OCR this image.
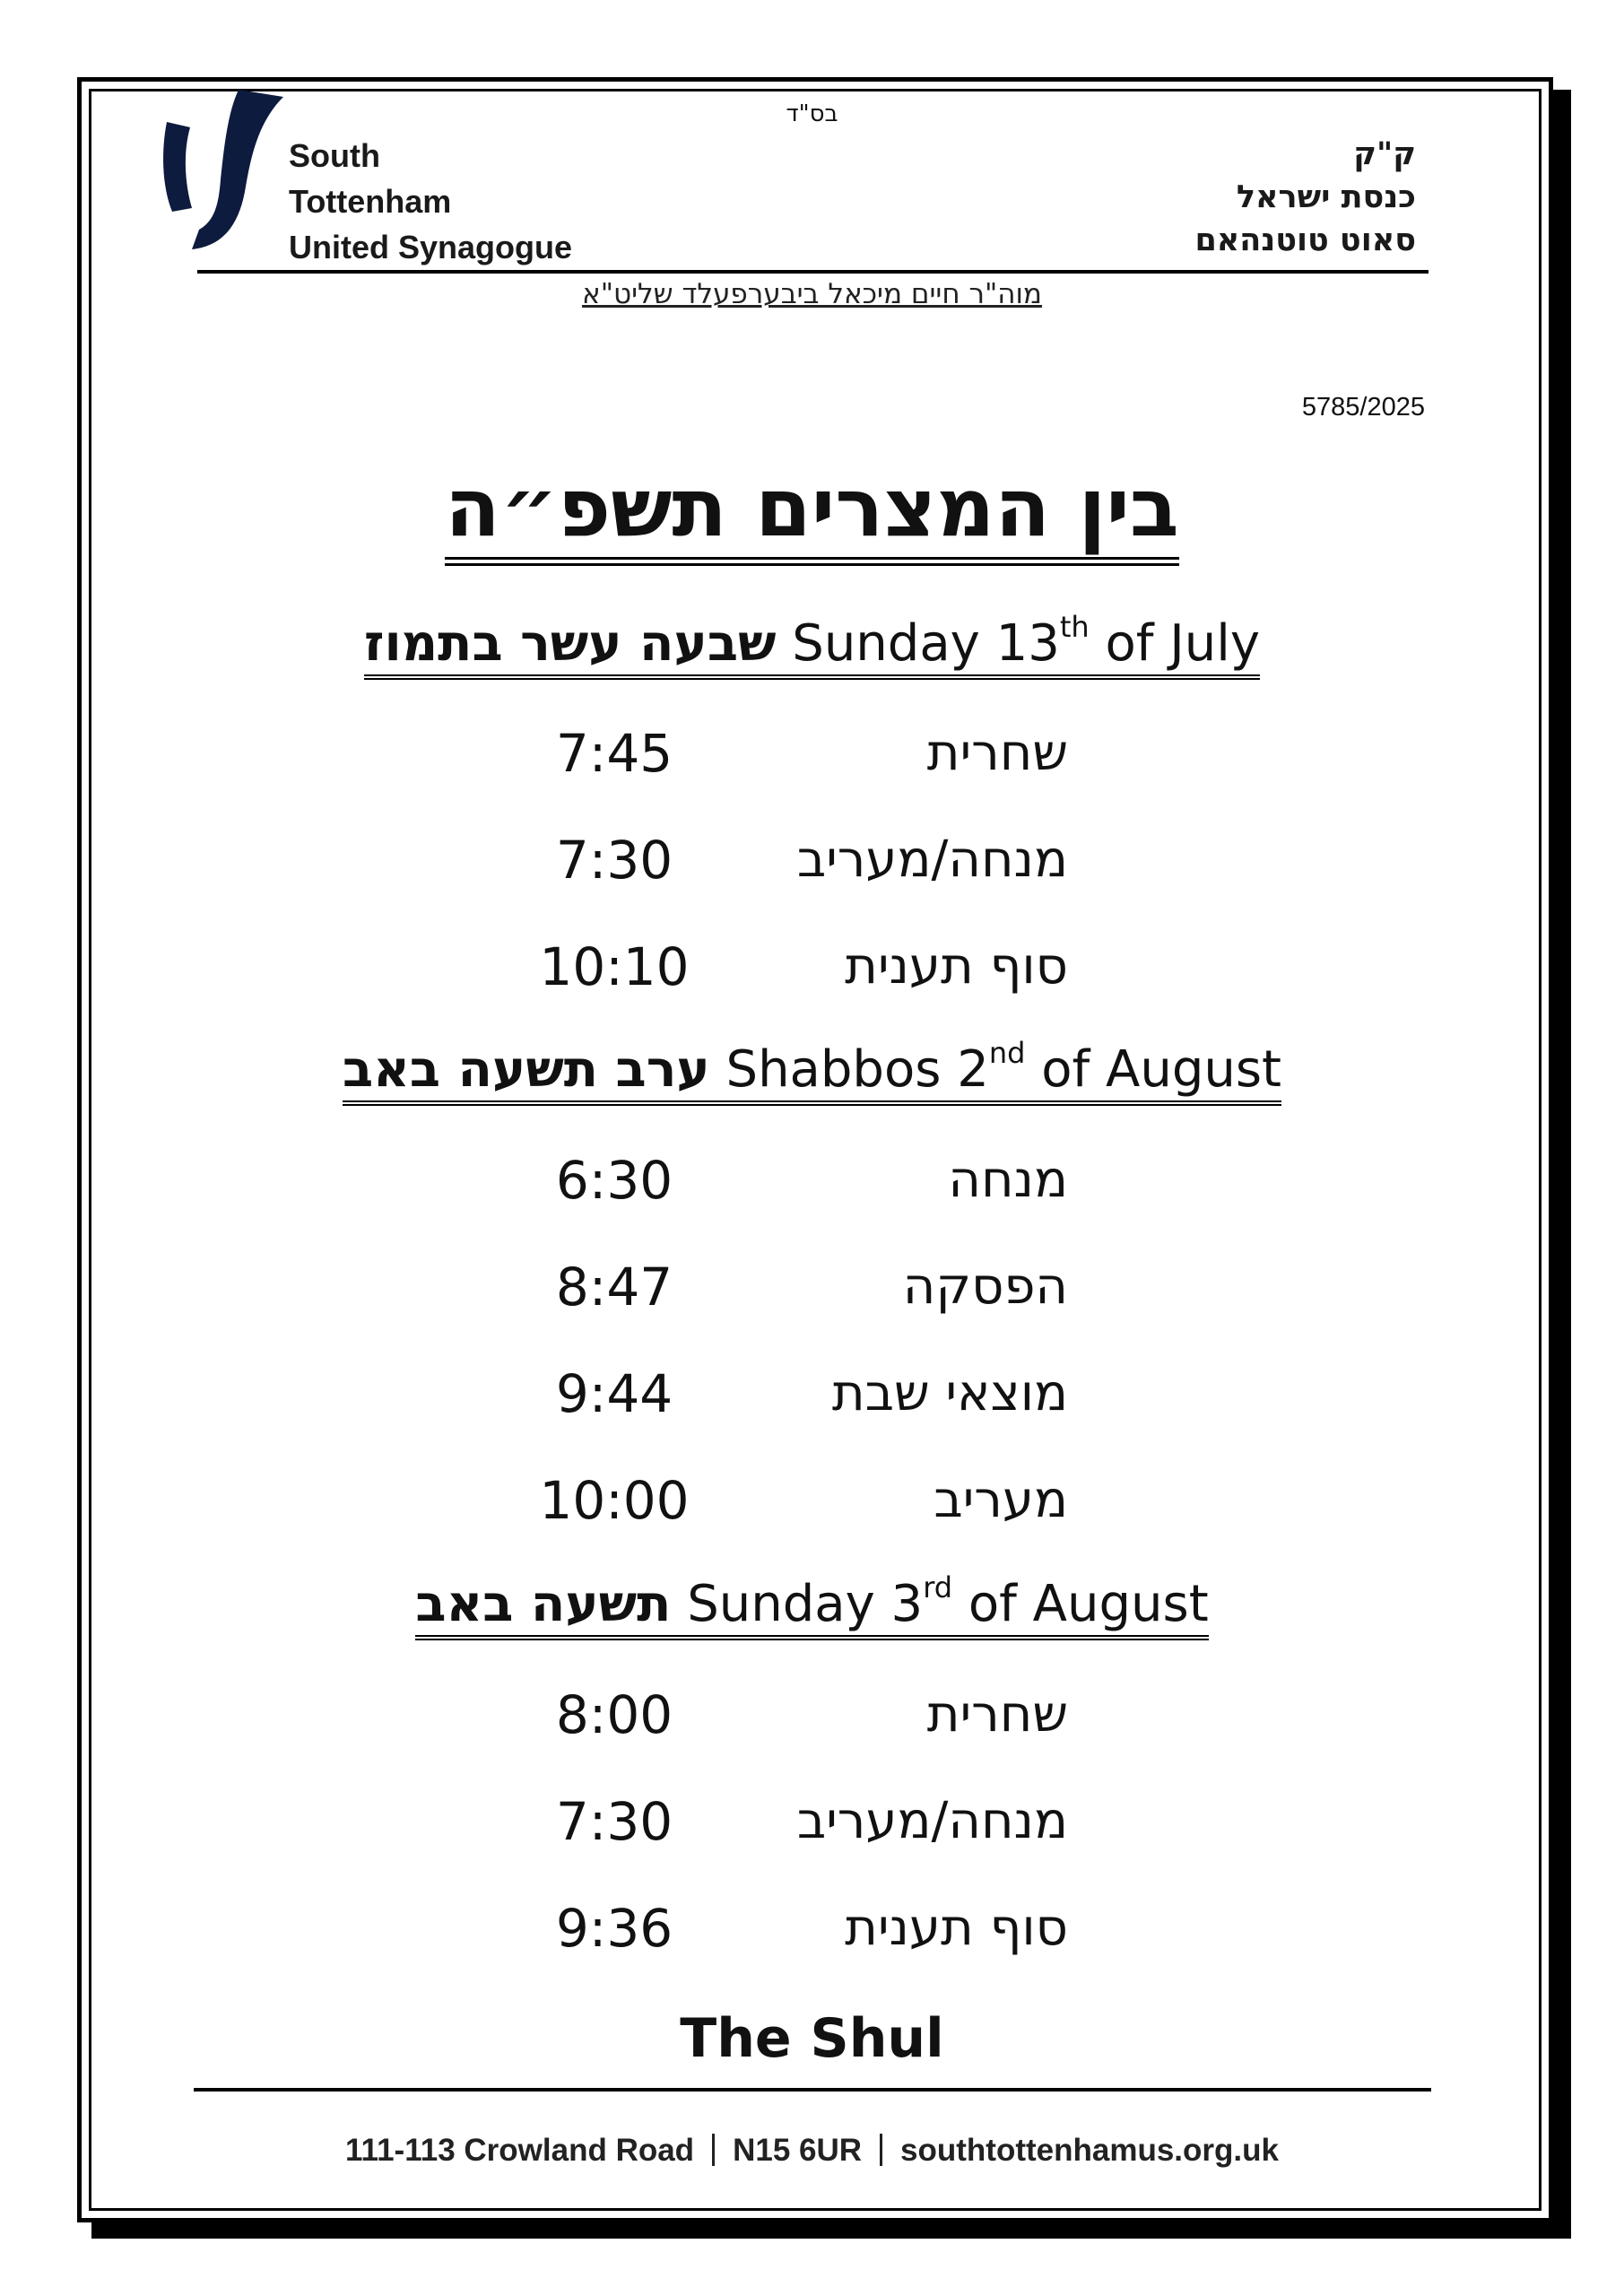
בס"ד
South
Tottenham
United Synagogue
ק"ק
כנסת ישראל
סאוט טוטנהאם
מוה"ר חיים מיכאל ביבערפעלד שליט"א
5785/2025
בין המצרים תשפ״ה
שבעה עשר בתמוז Sunday 13th of July
7:45	שחרית
7:30	מנחה/מעריב
10:10	סוף תענית
ערב תשעה באב Shabbos 2nd of August
6:30	מנחה
8:47	הפסקה
9:44	מוצאי שבת
10:00	מעריב
תשעה באב Sunday 3rd of August
8:00	שחרית
7:30	מנחה/מעריב
9:36	סוף תענית
The Shul
111-113 Crowland Road N15 6UR southtottenhamus.org.uk
